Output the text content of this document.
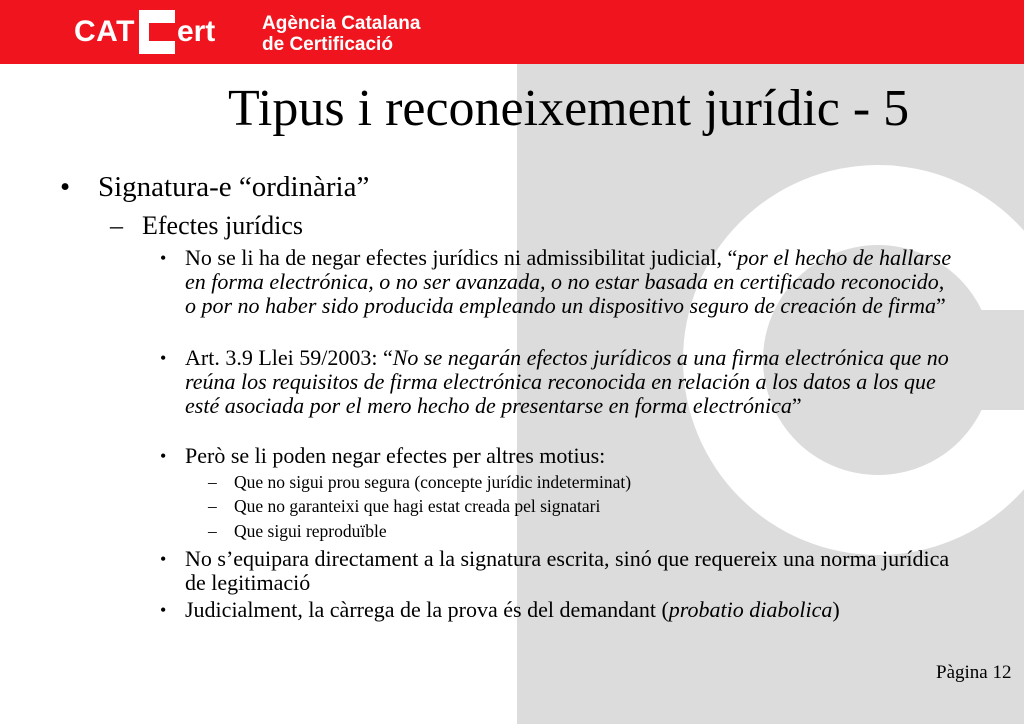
CAT ert Agència Catalana
de Certificació
Tipus i reconeixement jurídic - 5
• Signatura-e “ordinària”
– Efectes jurídics
• No se li ha de negar efectes jurídics ni admissibilitat judicial, “por el hecho de hallarse en forma electrónica, o no ser avanzada, o no estar basada en certificado reconocido, o por no haber sido producida empleando un dispositivo seguro de creación de firma”
• Art. 3.9 Llei 59/2003: “No se negarán efectos jurídicos a una firma electrónica que no reúna los requisitos de firma electrónica reconocida en relación a los datos a los que esté asociada por el mero hecho de presentarse en forma electrónica”
• Però se li poden negar efectes per altres motius:
– Que no sigui prou segura (concepte jurídic indeterminat)
– Que no garanteixi que hagi estat creada pel signatari
– Que sigui reproduïble
• No s’equipara directament a la signatura escrita, sinó que requereix una norma jurídica de legitimació
• Judicialment, la càrrega de la prova és del demandant (probatio diabolica)
Pàgina 12
